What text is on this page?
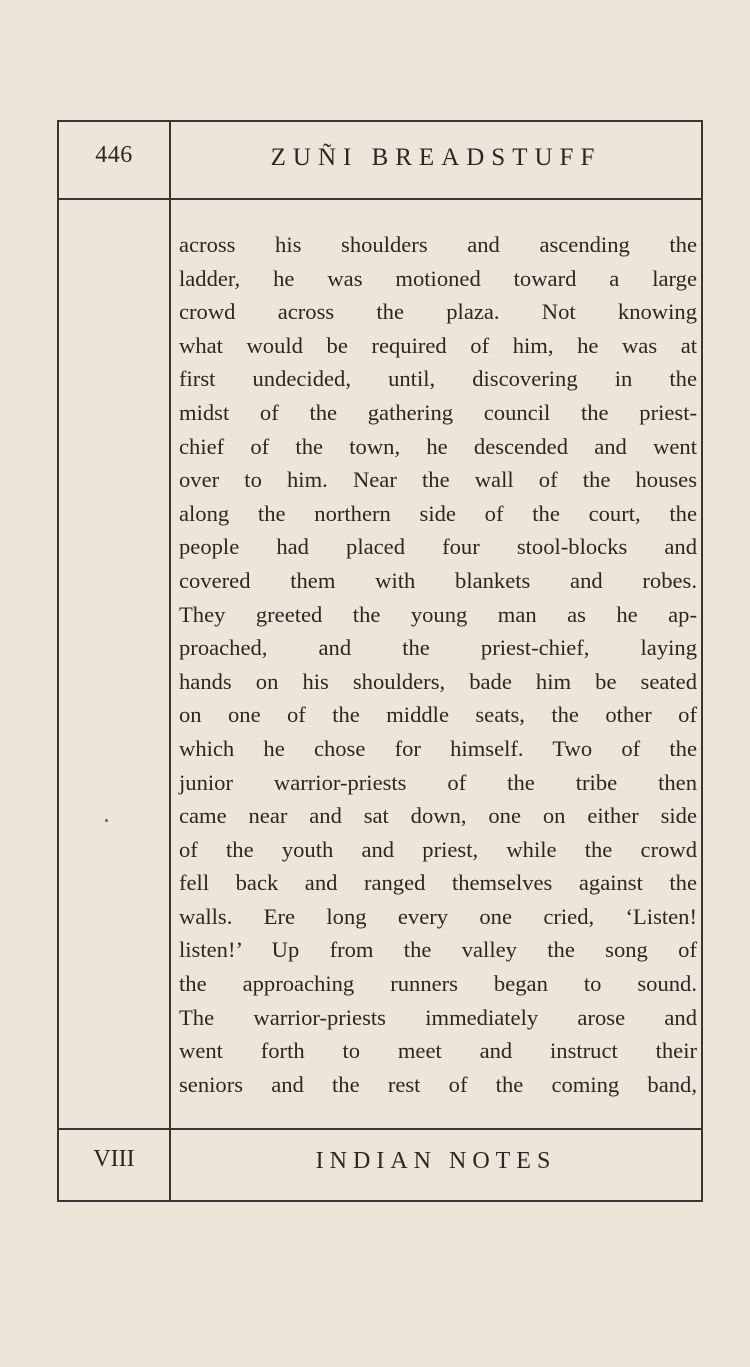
446	ZUÑI BREADSTUFF
across his shoulders and ascending the
ladder, he was motioned toward a large
crowd across the plaza. Not knowing
what would be required of him, he was at
first undecided, until, discovering in the
midst of the gathering council the priest-
chief of the town, he descended and went
over to him. Near the wall of the houses
along the northern side of the court, the
people had placed four stool-blocks and
covered them with blankets and robes.
They greeted the young man as he ap-
proached, and the priest-chief, laying
hands on his shoulders, bade him be seated
on one of the middle seats, the other of
which he chose for himself. Two of the
junior warrior-priests of the tribe then
came near and sat down, one on either side
of the youth and priest, while the crowd
fell back and ranged themselves against the
walls. Ere long every one cried, ‘Listen!
listen!’ Up from the valley the song of
the approaching runners began to sound.
The warrior-priests immediately arose and
went forth to meet and instruct their
seniors and the rest of the coming band,
VIII	INDIAN NOTES
